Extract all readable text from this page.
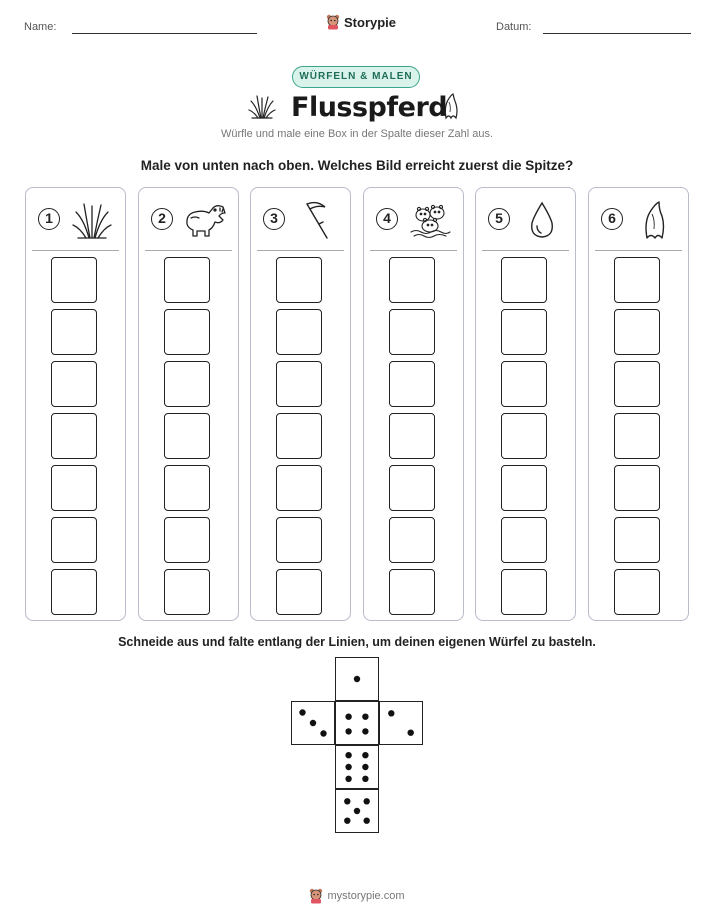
Name:	Storypie	Datum:
WÜRFELN & MALEN
Flusspferd
Würfle und male eine Box in der Spalte dieser Zahl aus.
Male von unten nach oben. Welches Bild erreicht zuerst die Spitze?
1	2	3	4	5	6
Schneide aus und falte entlang der Linien, um deinen eigenen Würfel zu basteln.
mystorypie.com
